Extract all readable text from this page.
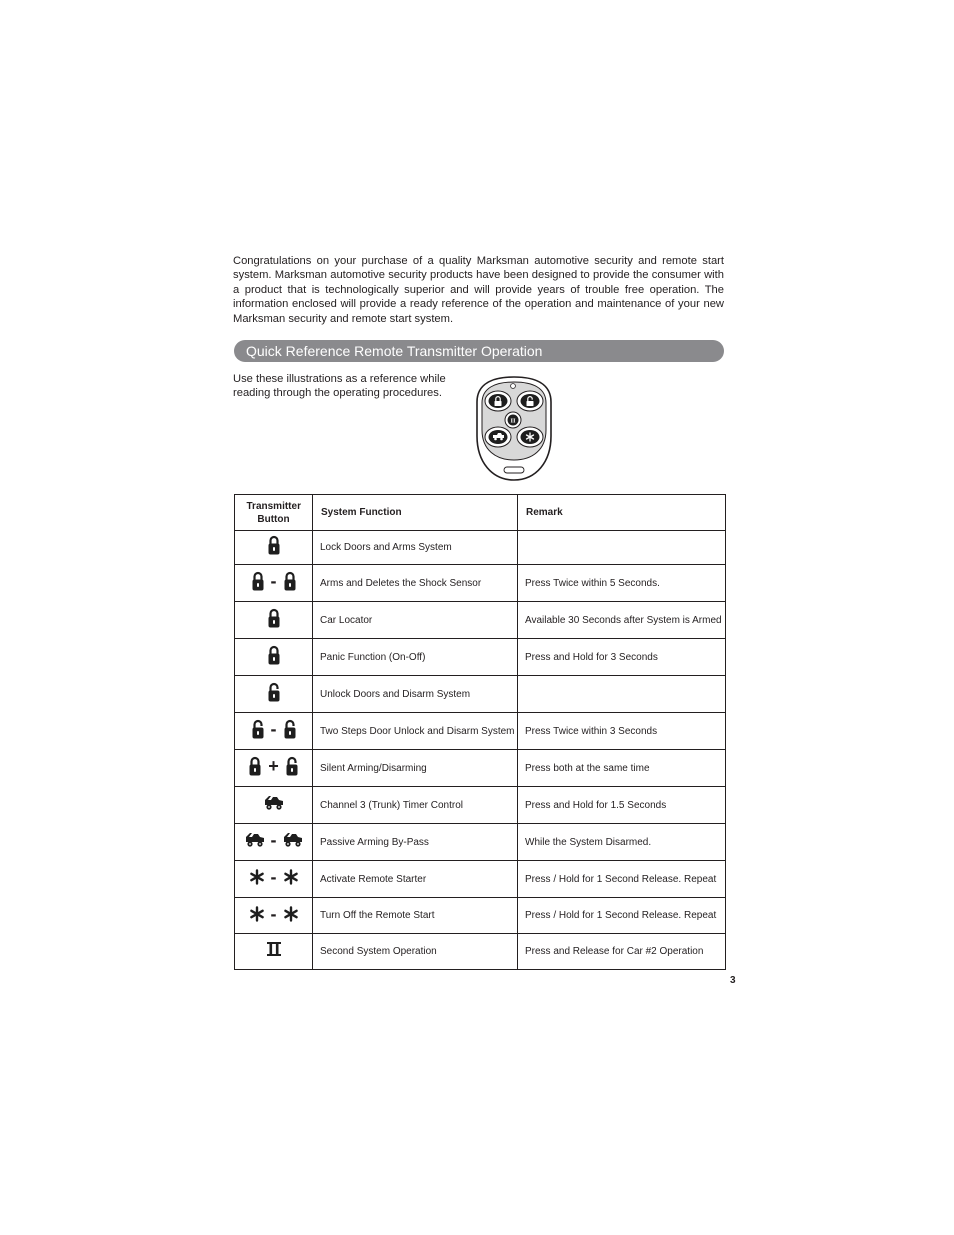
Congratulations on your purchase of a quality Marksman automotive security and remote start system. Marksman automotive security products have been designed to provide the consumer with a product that is technologically superior and will provide years of trouble free operation. The information enclosed will provide a ready reference of the operation and maintenance of your new Marksman security and remote start system.

Quick Reference Remote Transmitter Operation

Use these illustrations as a reference while reading through the operating procedures.

II
Transmitter Button	System Function	Remark

	Lock Doors and Arms System	

-	Arms and Deletes the Shock Sensor	Press Twice within 5 Seconds.

	Car Locator	Available 30 Seconds after System is Armed

	Panic Function (On-Off)	Press and Hold for 3 Seconds

	Unlock Doors and Disarm System	

-	Two Steps Door Unlock and Disarm System	Press Twice within 3 Seconds

+	Silent Arming/Disarming	Press both at the same time

	Channel 3 (Trunk) Timer Control	Press and Hold for 1.5 Seconds

-	Passive Arming By-Pass	While the System Disarmed.

-	Activate Remote Starter	Press / Hold for 1 Second Release. Repeat

-	Turn Off the Remote Start	Press / Hold for 1 Second Release. Repeat

	Second System Operation	Press and Release for Car #2 Operation
3
